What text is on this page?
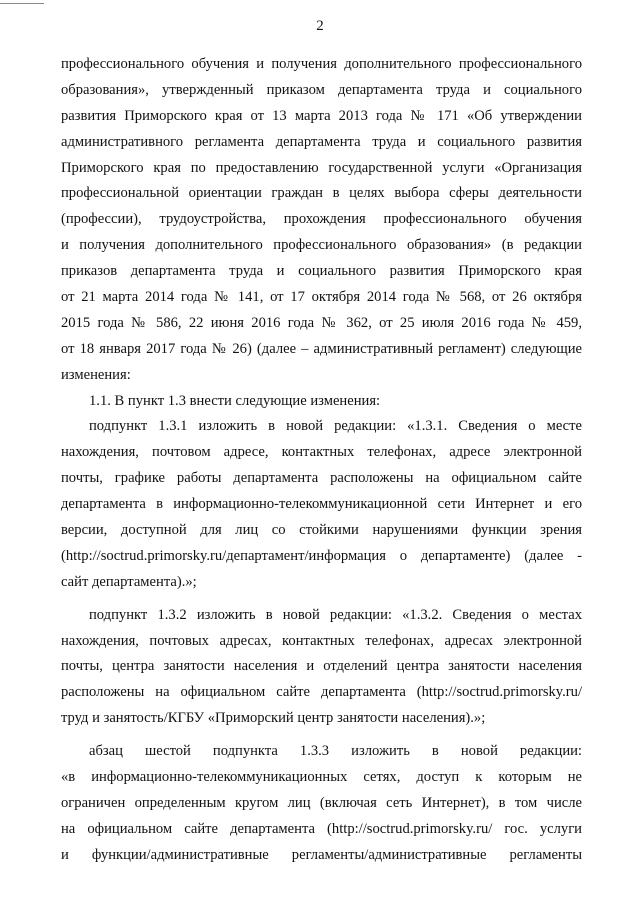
2
профессионального обучения и получения дополнительного профессионального
образования», утвержденный приказом департамента труда и социального
развития Приморского края от 13 марта 2013 года № 171 «Об утверждении
административного регламента департамента труда и социального развития
Приморского края по предоставлению государственной услуги «Организация
профессиональной ориентации граждан в целях выбора сферы деятельности
(профессии), трудоустройства, прохождения профессионального обучения
и получения дополнительного профессионального образования» (в редакции
приказов департамента труда и социального развития Приморского края
от 21 марта 2014 года № 141, от 17 октября 2014 года № 568, от 26 октября
2015 года № 586, 22 июня 2016 года № 362, от 25 июля 2016 года № 459,
от 18 января 2017 года № 26) (далее – административный регламент) следующие
изменения:
1.1. В пункт 1.3 внести следующие изменения:
подпункт 1.3.1 изложить в новой редакции: «1.3.1. Сведения о месте
нахождения, почтовом адресе, контактных телефонах, адресе электронной
почты, графике работы департамента расположены на официальном сайте
департамента в информационно-телекоммуникационной сети Интернет и его
версии, доступной для лиц со стойкими нарушениями функции зрения
(http://soctrud.primorsky.ru/департамент/информация о департаменте) (далее -
сайт департамента).»;
подпункт 1.3.2 изложить в новой редакции: «1.3.2. Сведения о местах
нахождения, почтовых адресах, контактных телефонах, адресах электронной
почты, центра занятости населения и отделений центра занятости населения
расположены на официальном сайте департамента (http://soctrud.primorsky.ru/
труд и занятость/КГБУ «Приморский центр занятости населения).»;
абзац шестой подпункта 1.3.3 изложить в новой редакции:
«в информационно-телекоммуникационных сетях, доступ к которым не
ограничен определенным кругом лиц (включая сеть Интернет), в том числе
на официальном сайте департамента (http://soctrud.primorsky.ru/ гос. услуги
и функции/административные регламенты/административные регламенты
